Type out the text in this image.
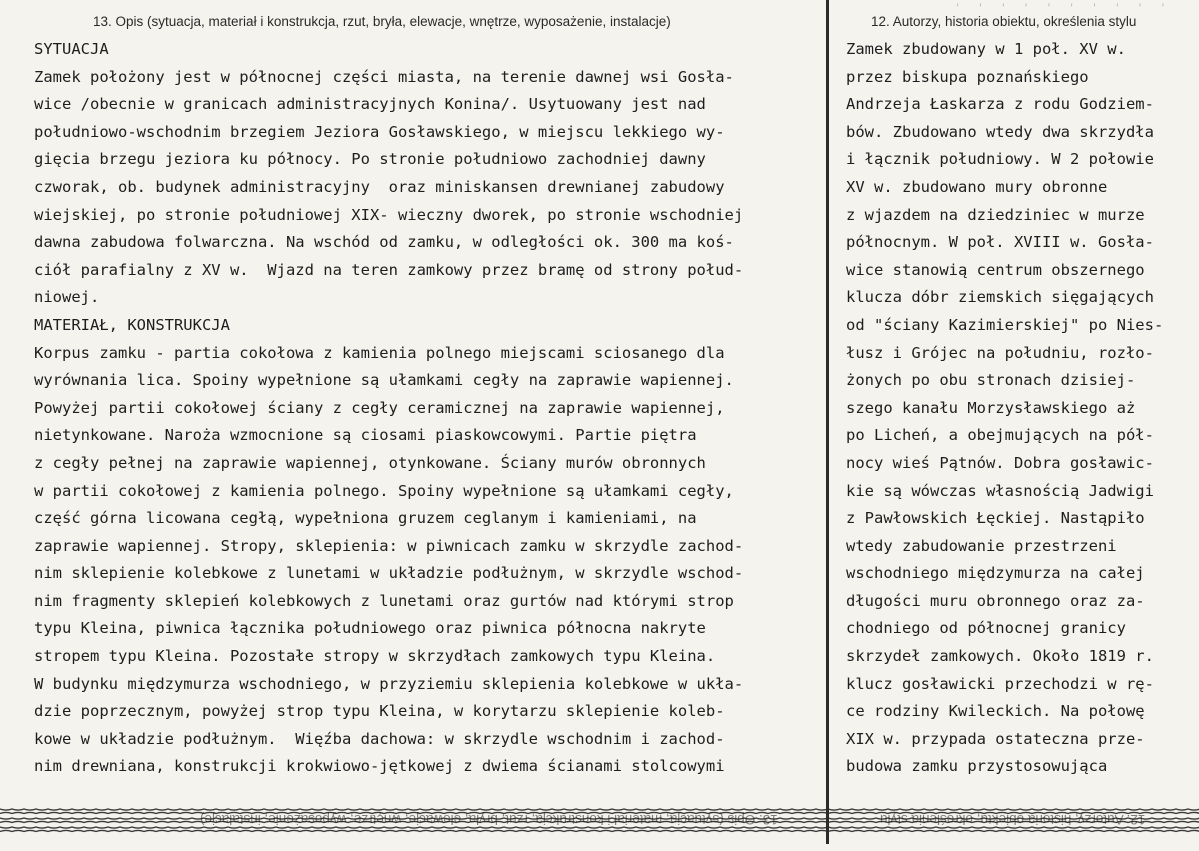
' ' ' ' ' ' ' ' ' '
13. Opis (sytuacja, materiał i konstrukcja, rzut, bryła, elewacje, wnętrze, wyposażenie, instalacje)	12. Autorzy, historia obiektu, określenia stylu
SYTUACJA
Zamek położony jest w północnej części miasta, na terenie dawnej wsi Gosła-
wice /obecnie w granicach administracyjnych Konina/. Usytuowany jest nad
południowo-wschodnim brzegiem Jeziora Gosławskiego, w miejscu lekkiego wy-
gięcia brzegu jeziora ku północy. Po stronie południowo zachodniej dawny
czworak, ob. budynek administracyjny  oraz miniskansen drewnianej zabudowy
wiejskiej, po stronie południowej XIX- wieczny dworek, po stronie wschodniej
dawna zabudowa folwarczna. Na wschód od zamku, w odległości ok. 300 ma koś-
ciół parafialny z XV w.  Wjazd na teren zamkowy przez bramę od strony połud-
niowej.
MATERIAŁ, KONSTRUKCJA
Korpus zamku - partia cokołowa z kamienia polnego miejscami sciosanego dla
wyrównania lica. Spoiny wypełnione są ułamkami cegły na zaprawie wapiennej.
Powyżej partii cokołowej ściany z cegły ceramicznej na zaprawie wapiennej,
nietynkowane. Naroża wzmocnione są ciosami piaskowcowymi. Partie piętra
z cegły pełnej na zaprawie wapiennej, otynkowane. Ściany murów obronnych
w partii cokołowej z kamienia polnego. Spoiny wypełnione są ułamkami cegły,
część górna licowana cegłą, wypełniona gruzem ceglanym i kamieniami, na
zaprawie wapiennej. Stropy, sklepienia: w piwnicach zamku w skrzydle zachod-
nim sklepienie kolebkowe z lunetami w układzie podłużnym, w skrzydle wschod-
nim fragmenty sklepień kolebkowych z lunetami oraz gurtów nad którymi strop
typu Kleina, piwnica łącznika południowego oraz piwnica północna nakryte
stropem typu Kleina. Pozostałe stropy w skrzydłach zamkowych typu Kleina.
W budynku międzymurza wschodniego, w przyziemiu sklepienia kolebkowe w ukła-
dzie poprzecznym, powyżej strop typu Kleina, w korytarzu sklepienie koleb-
kowe w układzie podłużnym.  Więźba dachowa: w skrzydle wschodnim i zachod-
nim drewniana, konstrukcji krokwiowo-jętkowej z dwiema ścianami stolcowymi
Zamek zbudowany w 1 poł. XV w.
przez biskupa poznańskiego
Andrzeja Łaskarza z rodu Godziem-
bów. Zbudowano wtedy dwa skrzydła
i łącznik południowy. W 2 połowie
XV w. zbudowano mury obronne
z wjazdem na dziedziniec w murze
północnym. W poł. XVIII w. Gosła-
wice stanowią centrum obszernego
klucza dóbr ziemskich sięgających
od "ściany Kazimierskiej" po Nies-
łusz i Grójec na południu, rozło-
żonych po obu stronach dzisiej-
szego kanału Morzysławskiego aż
po Licheń, a obejmujących na pół-
nocy wieś Pątnów. Dobra gosławic-
kie są wówczas własnością Jadwigi
z Pawłowskich Łęckiej. Nastąpiło
wtedy zabudowanie przestrzeni
wschodniego międzymurza na całej
długości muru obronnego oraz za-
chodniego od północnej granicy
skrzydeł zamkowych. Około 1819 r.
klucz gosławicki przechodzi w rę-
ce rodziny Kwileckich. Na połowę
XIX w. przypada ostateczna prze-
budowa zamku przystosowująca
13. Opis (sytuacja, materiał i konstrukcja, rzut, bryła, elewacje, wnętrze, wyposażenie, instalacje)	12. Autorzy, historia obiektu, określenia stylu
